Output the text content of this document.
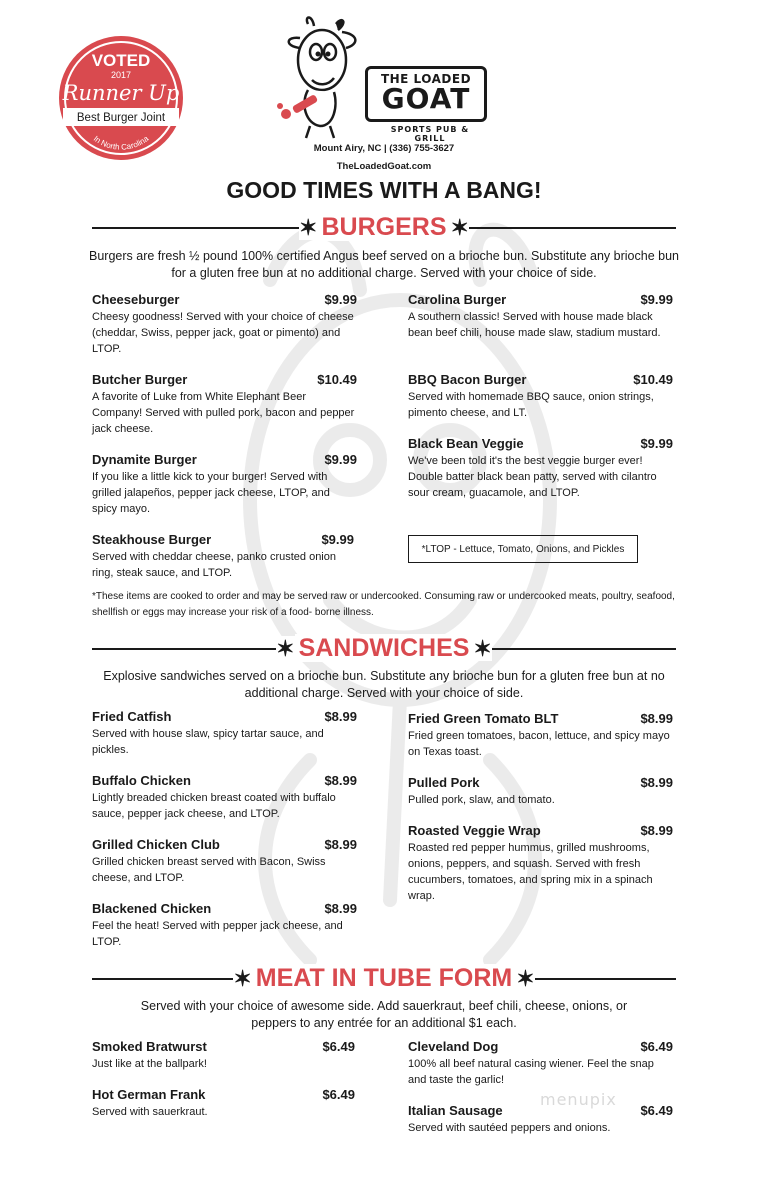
VOTED
2017
Runner Up
Best Burger Joint
In North Carolina
THE LOADED
GOAT
SPORTS PUB & GRILL
Mount Airy, NC | (336) 755-3627
TheLoadedGoat.com
GOOD TIMES WITH A BANG!
✶ BURGERS ✶
Burgers are fresh ½ pound 100% certified Angus beef served on a brioche bun. Substitute any brioche bun for a gluten free bun at no additional charge. Served with your choice of side.
Cheeseburger	$9.99
Cheesy goodness! Served with your choice of cheese (cheddar, Swiss, pepper jack, goat or pimento) and LTOP.
Butcher Burger	$10.49
A favorite of Luke from White Elephant Beer Company! Served with pulled pork, bacon and pepper jack cheese.
Dynamite Burger	$9.99
If you like a little kick to your burger! Served with grilled jalapeños, pepper jack cheese, LTOP, and spicy mayo.
Steakhouse Burger	$9.99
Served with cheddar cheese, panko crusted onion ring, steak sauce, and LTOP.
Carolina Burger	$9.99
A southern classic! Served with house made black bean beef chili, house made slaw, stadium mustard.
BBQ Bacon Burger	$10.49
Served with homemade BBQ sauce, onion strings, pimento cheese, and LT.
Black Bean Veggie	$9.99
We've been told it's the best veggie burger ever! Double batter black bean patty, served with cilantro sour cream, guacamole, and LTOP.
*LTOP - Lettuce, Tomato, Onions, and Pickles
*These items are cooked to order and may be served raw or undercooked. Consuming raw or undercooked meats, poultry, seafood, shellfish or eggs may increase your risk of a food- borne illness.
✶ SANDWICHES ✶
Explosive sandwiches served on a brioche bun. Substitute any brioche bun for a gluten free bun at no additional charge. Served with your choice of side.
Fried Catfish	$8.99
Served with house slaw, spicy tartar sauce, and pickles.
Buffalo Chicken	$8.99
Lightly breaded chicken breast coated with buffalo sauce, pepper jack cheese, and LTOP.
Grilled Chicken Club	$8.99
Grilled chicken breast served with Bacon, Swiss cheese, and LTOP.
Blackened Chicken	$8.99
Feel the heat! Served with pepper jack cheese, and LTOP.
Fried Green Tomato BLT	$8.99
Fried green tomatoes, bacon, lettuce, and spicy mayo on Texas toast.
Pulled Pork	$8.99
Pulled pork, slaw, and tomato.
Roasted Veggie Wrap	$8.99
Roasted red pepper hummus, grilled mushrooms, onions, peppers, and squash. Served with fresh cucumbers, tomatoes, and spring mix in a spinach wrap.
✶ MEAT IN TUBE FORM ✶
Served with your choice of awesome side. Add sauerkraut, beef chili, cheese, onions, or peppers to any entrée for an additional $1 each.
Smoked Bratwurst	$6.49
Just like at the ballpark!
Hot German Frank	$6.49
Served with sauerkraut.
Cleveland Dog	$6.49
100% all beef natural casing wiener. Feel the snap and taste the garlic!
Italian Sausage	$6.49
Served with sautéed peppers and onions.
menupix
